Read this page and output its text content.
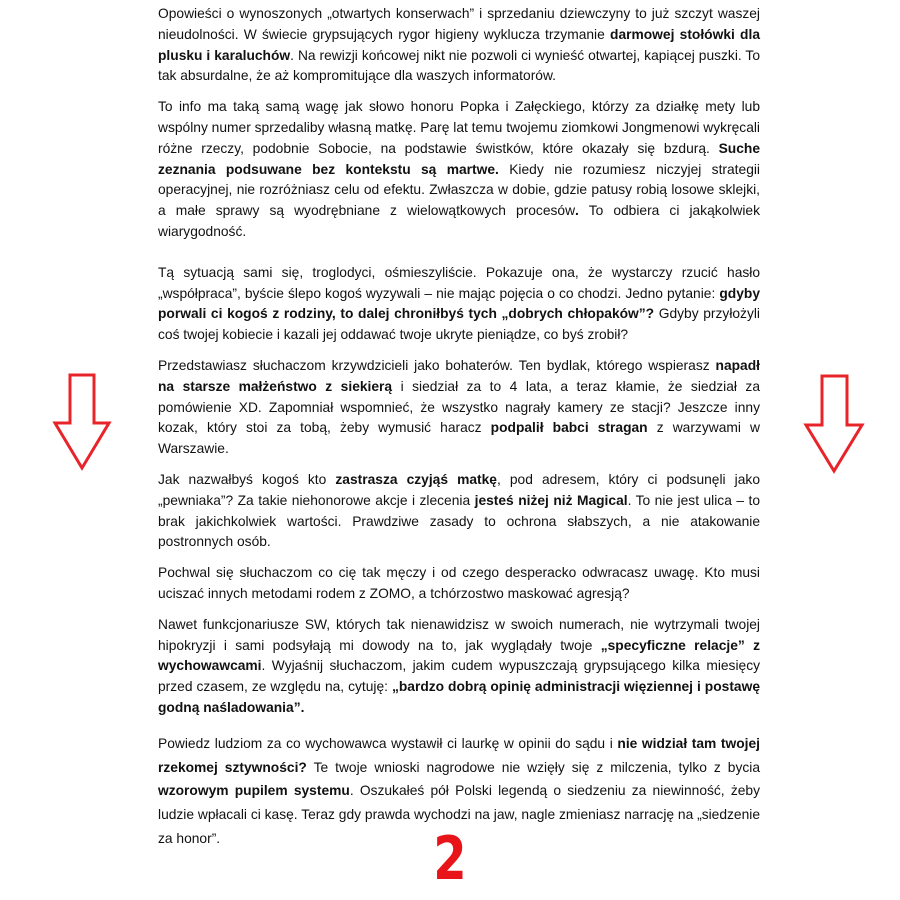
Opowieści o wynoszonych „otwartych konserwach” i sprzedaniu dziewczyny to już szczyt waszej nieudolności. W świecie grypsujących rygor higieny wyklucza trzymanie darmowej stołówki dla plusku i karaluchów. Na rewizji końcowej nikt nie pozwoli ci wynieść otwartej, kapiącej puszki. To tak absurdalne, że aż kompromitujące dla waszych informatorów.

To info ma taką samą wagę jak słowo honoru Popka i Załęckiego, którzy za działkę mety lub wspólny numer sprzedaliby własną matkę. Parę lat temu twojemu ziomkowi Jongmenowi wykręcali różne rzeczy, podobnie Sobocie, na podstawie świstków, które okazały się bzdurą. Suche zeznania podsuwane bez kontekstu są martwe. Kiedy nie rozumiesz niczyjej strategii operacyjnej, nie rozróżniasz celu od efektu. Zwłaszcza w dobie, gdzie patusy robią losowe sklejki, a małe sprawy są wyodrębniane z wielowątkowych procesów. To odbiera ci jakąkolwiek wiarygodność.

Tą sytuacją sami się, troglodyci, ośmieszyliście. Pokazuje ona, że wystarczy rzucić hasło „współpraca”, byście ślepo kogoś wyzywali – nie mając pojęcia o co chodzi. Jedno pytanie: gdyby porwali ci kogoś z rodziny, to dalej chroniłbyś tych „dobrych chłopaków”? Gdyby przyłożyli coś twojej kobiecie i kazali jej oddawać twoje ukryte pieniądze, co byś zrobił?

Przedstawiasz słuchaczom krzywdzicieli jako bohaterów. Ten bydlak, którego wspierasz napadł na starsze małżeństwo z siekierą i siedział za to 4 lata, a teraz kłamie, że siedział za pomówienie XD. Zapomniał wspomnieć, że wszystko nagrały kamery ze stacji? Jeszcze inny kozak, który stoi za tobą, żeby wymusić haracz podpalił babci stragan z warzywami w Warszawie.

Jak nazwałbyś kogoś kto zastrasza czyjąś matkę, pod adresem, który ci podsunęli jako „pewniaka”? Za takie niehonorowe akcje i zlecenia jesteś niżej niż Magical. To nie jest ulica – to brak jakichkolwiek wartości. Prawdziwe zasady to ochrona słabszych, a nie atakowanie postronnych osób.

Pochwal się słuchaczom co cię tak męczy i od czego desperacko odwracasz uwagę. Kto musi uciszać innych metodami rodem z ZOMO, a tchórzostwo maskować agresją?

Nawet funkcjonariusze SW, których tak nienawidzisz w swoich numerach, nie wytrzymali twojej hipokryzji i sami podsyłają mi dowody na to, jak wyglądały twoje „specyficzne relacje” z wychowawcami. Wyjaśnij słuchaczom, jakim cudem wypuszczają grypsującego kilka miesięcy przed czasem, ze względu na, cytuję: „bardzo dobrą opinię administracji więziennej i postawę godną naśladowania”.

Powiedz ludziom za co wychowawca wystawił ci laurkę w opinii do sądu i nie widział tam twojej rzekomej sztywności? Te twoje wnioski nagrodowe nie wzięły się z milczenia, tylko z bycia wzorowym pupilem systemu. Oszukałeś pół Polski legendą o siedzeniu za niewinność, żeby ludzie wpłacali ci kasę. Teraz gdy prawda wychodzi na jaw, nagle zmieniasz narrację na „siedzenie za honor”.	2
